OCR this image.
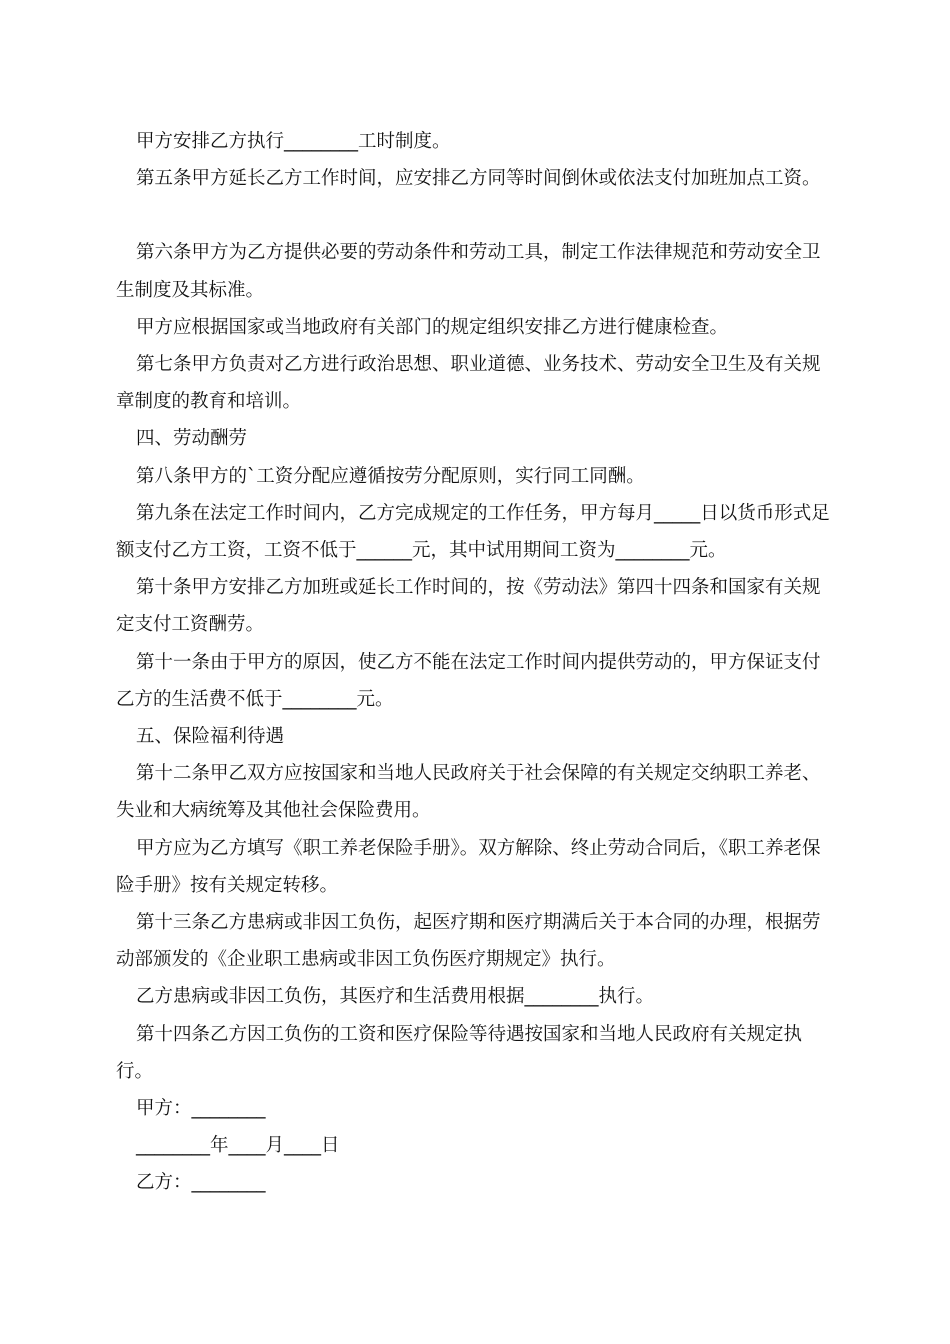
甲方安排乙方执行________工时制度。

第五条甲方延长乙方工作时间，应安排乙方同等时间倒休或依法支付加班加点工资。

第六条甲方为乙方提供必要的劳动条件和劳动工具，制定工作法律规范和劳动安全卫生制度及其标准。

甲方应根据国家或当地政府有关部门的规定组织安排乙方进行健康检查。

第七条甲方负责对乙方进行政治思想、职业道德、业务技术、劳动安全卫生及有关规章制度的教育和培训。

四、劳动酬劳

第八条甲方的`工资分配应遵循按劳分配原则，实行同工同酬。

第九条在法定工作时间内，乙方完成规定的工作任务，甲方每月_____日以货币形式足额支付乙方工资，工资不低于______元，其中试用期间工资为________元。

第十条甲方安排乙方加班或延长工作时间的，按《劳动法》第四十四条和国家有关规定支付工资酬劳。

第十一条由于甲方的原因，使乙方不能在法定工作时间内提供劳动的，甲方保证支付乙方的生活费不低于________元。

五、保险福利待遇

第十二条甲乙双方应按国家和当地人民政府关于社会保障的有关规定交纳职工养老、失业和大病统筹及其他社会保险费用。

甲方应为乙方填写《职工养老保险手册》。双方解除、终止劳动合同后，《职工养老保险手册》按有关规定转移。

第十三条乙方患病或非因工负伤，起医疗期和医疗期满后关于本合同的办理，根据劳动部颁发的《企业职工患病或非因工负伤医疗期规定》执行。

乙方患病或非因工负伤，其医疗和生活费用根据________执行。

第十四条乙方因工负伤的工资和医疗保险等待遇按国家和当地人民政府有关规定执行。

甲方：________

________年____月____日

乙方：________
